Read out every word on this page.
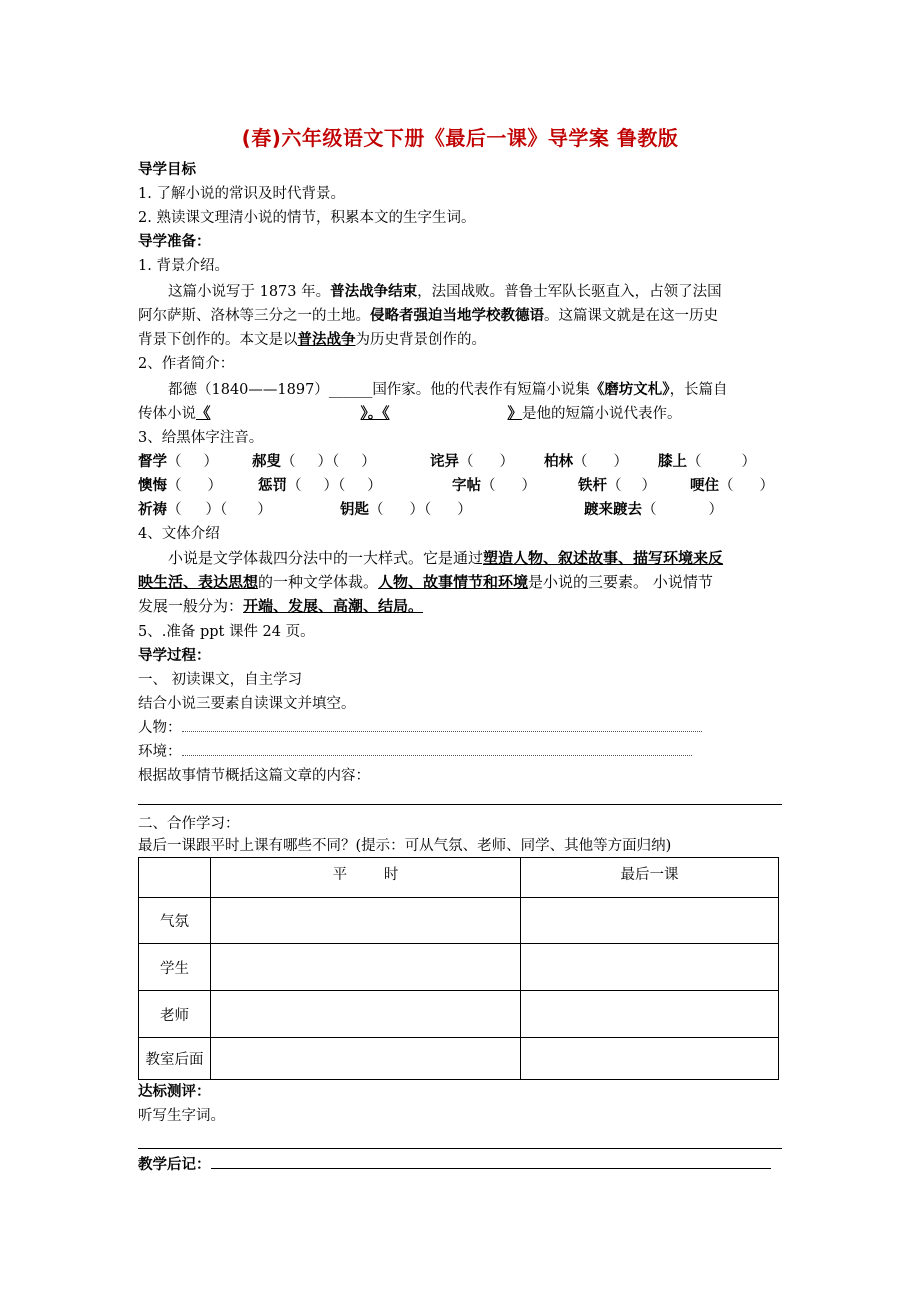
(春)六年级语文下册《最后一课》导学案 鲁教版
导学目标
1. 了解小说的常识及时代背景。
2. 熟读课文理清小说的情节，积累本文的生字生词。
导学准备：
1. 背景介绍。
这篇小说写于 1873 年。普法战争结束，法国战败。普鲁士军队长驱直入，占领了法国
阿尔萨斯、洛林等三分之一的土地。侵略者强迫当地学校教德语。这篇课文就是在这一历史
背景下创作的。本文是以普法战争为历史背景创作的。
2、作者简介：
都德（1840——1897）______国作家。他的代表作有短篇小说集《磨坊文札》，长篇自
传体小说《	》。《	》是他的短篇小说代表作。
3、给黑体字注音。
督学（ ） 郝叟（ ）（ ）	诧异（ ） 柏林（ ） 膝上（	）
懊悔（ ） 惩罚（ ）（ ）	字帖（ ）	铁杆（ ） 哽住（ ）
祈祷（ ）（ ）	钥匙（ ）（ ）	踱来踱去（	）
4、文体介绍
小说是文学体裁四分法中的一大样式。它是通过塑造人物、叙述故事、描写环境来反
映生活、表达思想的一种文学体裁。人物、故事情节和环境是小说的三要素。 小说情节
发展一般分为：开端、发展、高潮、结局。
5、.准备 ppt 课件 24 页。
导学过程：
一、 初读课文，自主学习
结合小说三要素自读课文并填空。
人物：
环境：
根据故事情节概括这篇文章的内容：
二、合作学习：
最后一课跟平时上课有哪些不同？(提示：可从气氛、老师、同学、其他等方面归纳)
	平        时	最后一课
气氛		
学生		
老师		
教室后面		
达标测评：
听写生字词。
教学后记：
